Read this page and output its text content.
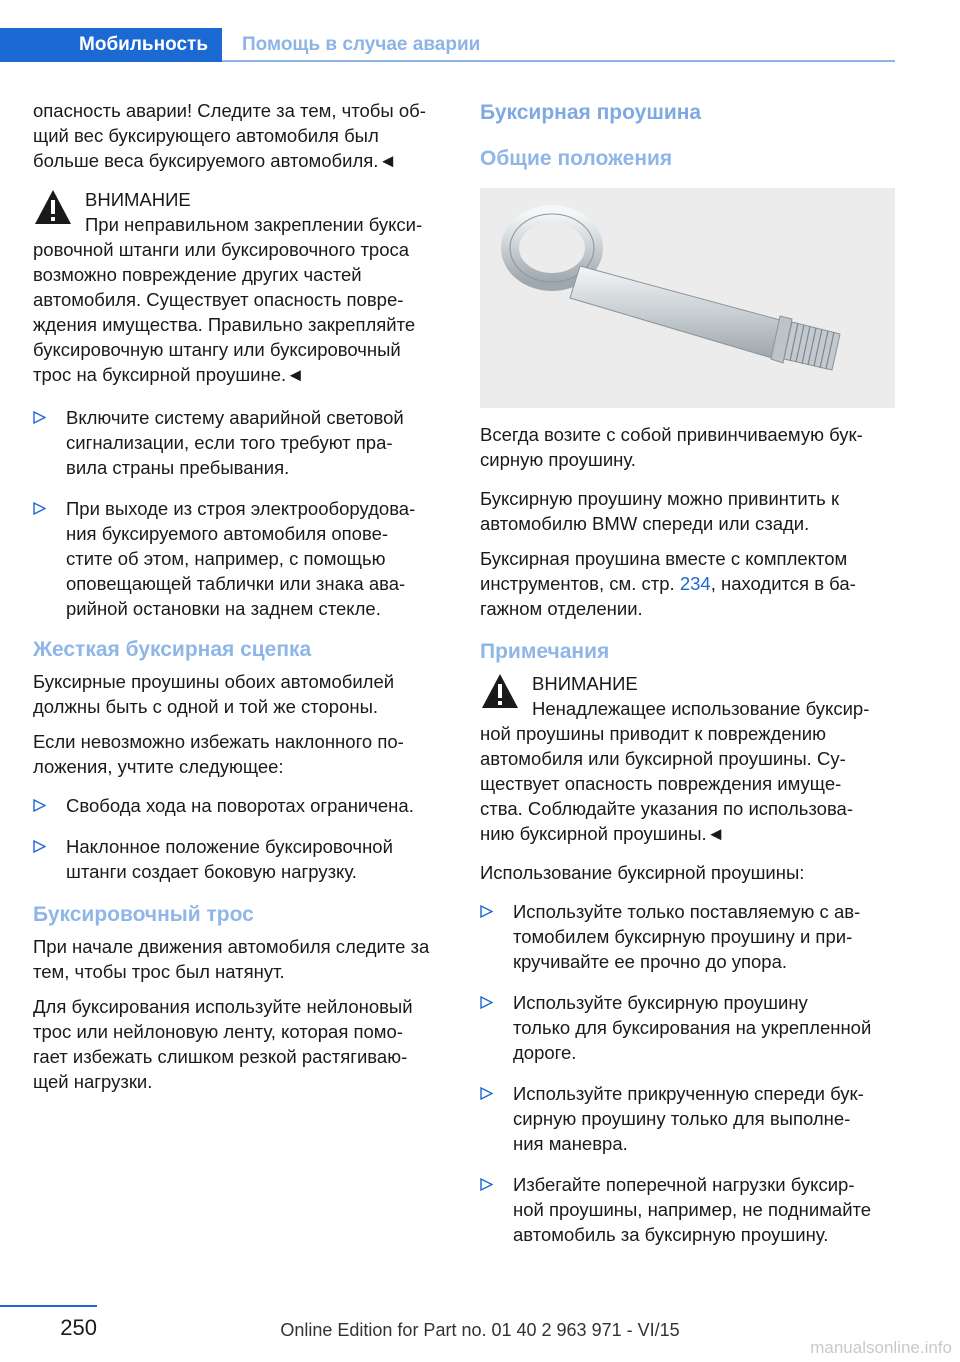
Мобильность	Помощь в случае аварии

опасность аварии! Следите за тем, чтобы об‐
щий вес буксирующего автомобиля был
больше веса буксируемого автомобиля.◄

ВНИМАНИЕ
При неправильном закреплении букси‐
ровочной штанги или буксировочного троса
возможно повреждение других частей
автомобиля. Существует опасность повре‐
ждения имущества. Правильно закрепляйте
буксировочную штангу или буксировочный
трос на буксирной проушине.◄
Включите систему аварийной световой
сигнализации, если того требуют пра‐
вила страны пребывания.
При выходе из строя электрооборудова‐
ния буксируемого автомобиля опове‐
стите об этом, например, с помощью
оповещающей таблички или знака ава‐
рийной остановки на заднем стекле.
Жесткая буксирная сцепка

Буксирные проушины обоих автомобилей
должны быть с одной и той же стороны.

Если невозможно избежать наклонного по‐
ложения, учтите следующее:

Свобода хода на поворотах ограничена.
Наклонное положение буксировочной
штанги создает боковую нагрузку.
Буксировочный трос

При начале движения автомобиля следите за
тем, чтобы трос был натянут.

Для буксирования используйте нейлоновый
трос или нейлоновую ленту, которая помо‐
гает избежать слишком резкой растягиваю‐
щей нагрузки.

Буксирная проушина
Общие положения

Всегда возите с собой привинчиваемую бук‐
сирную проушину.

Буксирную проушину можно привинтить к
автомобилю BMW спереди или сзади.

Буксирная проушина вместе с комплектом
инструментов, см. стр. 234, находится в ба‐
гажном отделении.

Примечания
ВНИМАНИЕ
Ненадлежащее использование буксир‐
ной проушины приводит к повреждению
автомобиля или буксирной проушины. Су‐
ществует опасность повреждения имуще‐
ства. Соблюдайте указания по использова‐
нию буксирной проушины.◄

Использование буксирной проушины:

Используйте только поставляемую с ав‐
томобилем буксирную проушину и при‐
кручивайте ее прочно до упора.
Используйте буксирную проушину
только для буксирования на укрепленной
дороге.
Используйте прикрученную спереди бук‐
сирную проушину только для выполне‐
ния маневра.
Избегайте поперечной нагрузки буксир‐
ной проушины, например, не поднимайте
автомобиль за буксирную проушину.
250	Online Edition for Part no. 01 40 2 963 971 - VI/15
manualsonline.info
